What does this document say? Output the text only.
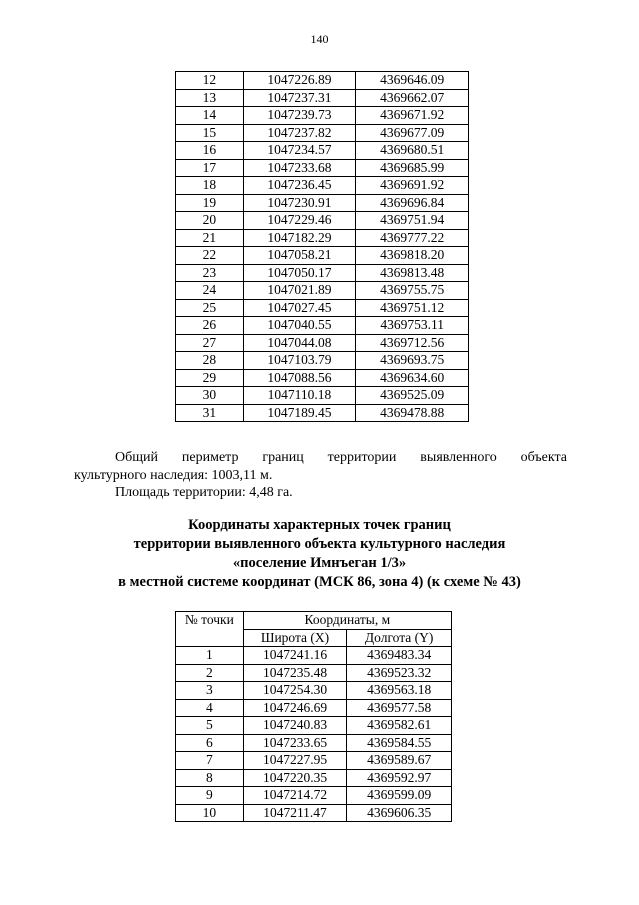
140
12	1047226.89	4369646.09
13	1047237.31	4369662.07
14	1047239.73	4369671.92
15	1047237.82	4369677.09
16	1047234.57	4369680.51
17	1047233.68	4369685.99
18	1047236.45	4369691.92
19	1047230.91	4369696.84
20	1047229.46	4369751.94
21	1047182.29	4369777.22
22	1047058.21	4369818.20
23	1047050.17	4369813.48
24	1047021.89	4369755.75
25	1047027.45	4369751.12
26	1047040.55	4369753.11
27	1047044.08	4369712.56
28	1047103.79	4369693.75
29	1047088.56	4369634.60
30	1047110.18	4369525.09
31	1047189.45	4369478.88
Общий периметр границ территории выявленного объекта
культурного наследия: 1003,11 м.
Площадь территории: 4,48 га.
Координаты характерных точек границ
территории выявленного объекта культурного наследия
«поселение Имнъеган 1/3»
в местной системе координат (МСК 86, зона 4) (к схеме № 43)
№ точки	Координаты, м	
	Широта (X)	Долгота (Y)
1	1047241.16	4369483.34
2	1047235.48	4369523.32
3	1047254.30	4369563.18
4	1047246.69	4369577.58
5	1047240.83	4369582.61
6	1047233.65	4369584.55
7	1047227.95	4369589.67
8	1047220.35	4369592.97
9	1047214.72	4369599.09
10	1047211.47	4369606.35
